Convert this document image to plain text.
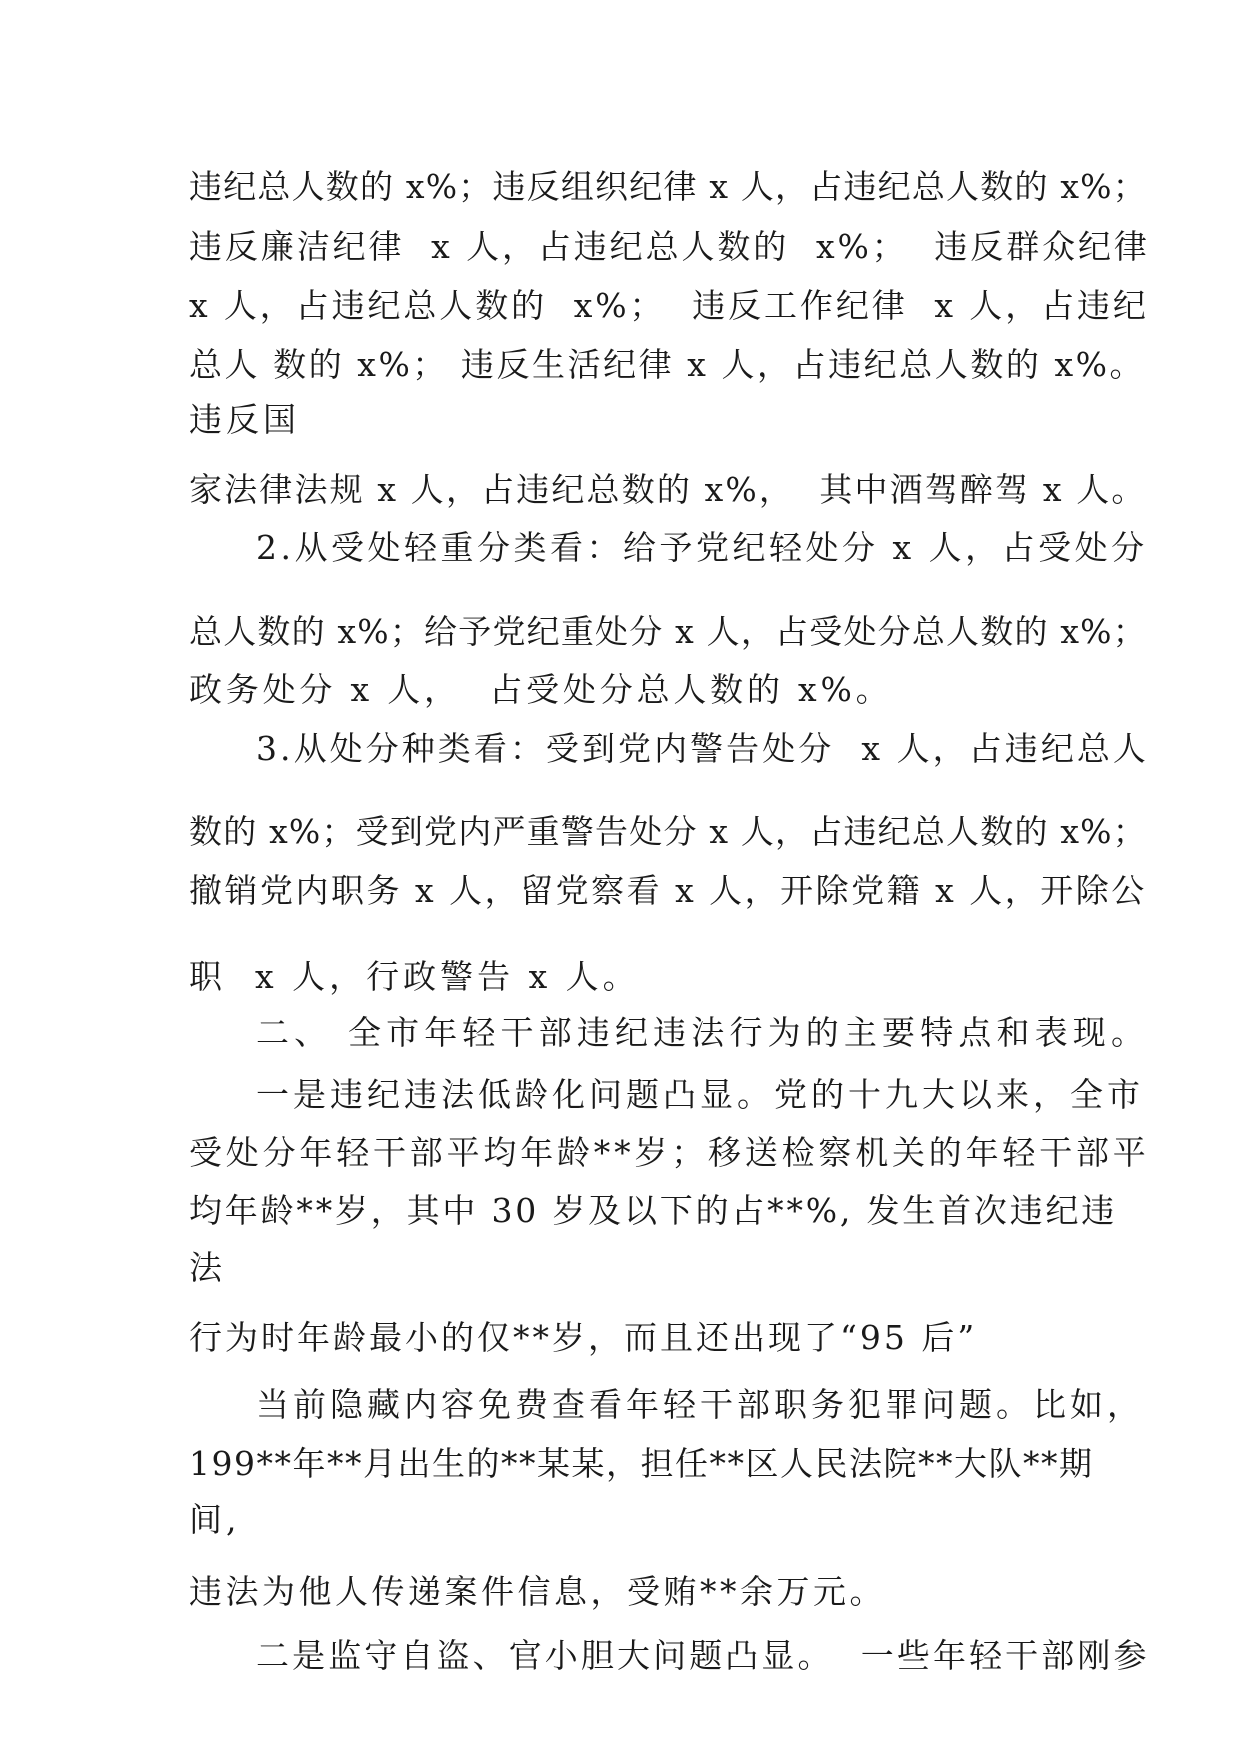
违纪总人数的 x%；违反组织纪律 x 人，占违纪总人数的 x%；

违反廉洁纪律  x 人，占违纪总人数的  x%；  违反群众纪律

x 人，占违纪总人数的  x%；  违反工作纪律  x 人，占违纪

总人 数的 x%； 违反生活纪律 x 人，占违纪总人数的 x%。

违反国

家法律法规 x 人，占违纪总数的 x%，  其中酒驾醉驾 x 人。

2.从受处轻重分类看：给予党纪轻处分 x 人，占受处分

总人数的 x%；给予党纪重处分 x 人，占受处分总人数的 x%；

政务处分 x 人，  占受处分总人数的 x%。

3.从处分种类看：受到党内警告处分  x 人，占违纪总人

数的 x%；受到党内严重警告处分 x 人，占违纪总人数的 x%；

撤销党内职务 x 人，留党察看 x 人，开除党籍 x 人，开除公

职  x 人，行政警告 x 人。

二、 全市年轻干部违纪违法行为的主要特点和表现。

一是违纪违法低龄化问题凸显。党的十九大以来，全市

受处分年轻干部平均年龄**岁；移送检察机关的年轻干部平

均年龄**岁，其中 30 岁及以下的占**%, 发生首次违纪违

法

行为时年龄最小的仅**岁，而且还出现了“95 后”

当前隐藏内容免费查看年轻干部职务犯罪问题。比如，

199**年**月出生的**某某，担任**区人民法院**大队**期

间,

违法为他人传递案件信息，受贿**余万元。

二是监守自盗、官小胆大问题凸显。  一些年轻干部刚参
